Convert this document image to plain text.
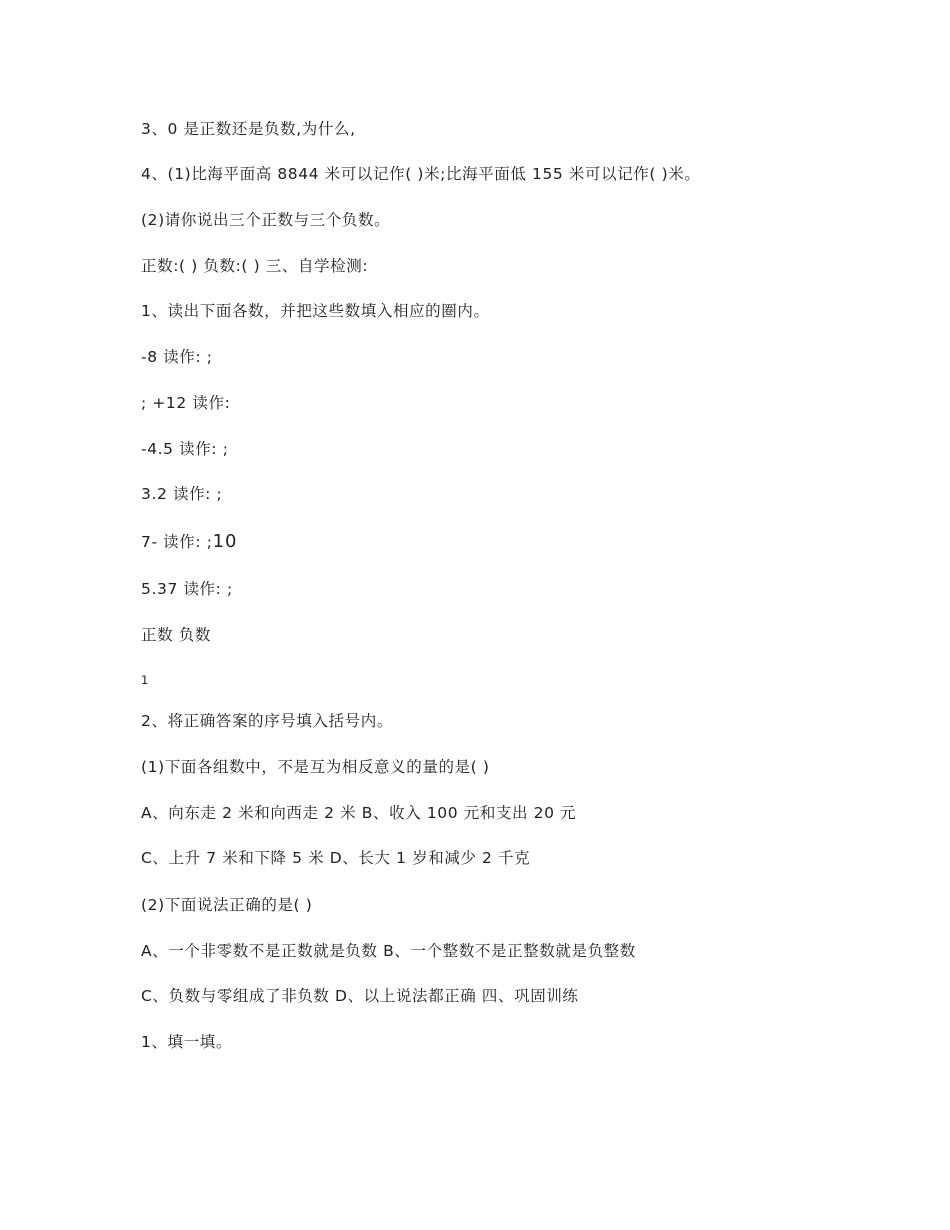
3、0 是正数还是负数,为什么,
4、(1)比海平面高 8844 米可以记作( )米;比海平面低 155 米可以记作( )米。
(2)请你说出三个正数与三个负数。
正数:( ) 负数:( ) 三、自学检测:
1、读出下面各数，并把这些数填入相应的圈内。
-8 读作: ;
; +12 读作:
-4.5 读作: ;
3.2 读作: ;
7- 读作: ;10
5.37 读作: ;
正数 负数
1
2、将正确答案的序号填入括号内。
(1)下面各组数中，不是互为相反意义的量的是( )
A、向东走 2 米和向西走 2 米 B、收入 100 元和支出 20 元
C、上升 7 米和下降 5 米 D、长大 1 岁和减少 2 千克
(2)下面说法正确的是( )
A、一个非零数不是正数就是负数 B、一个整数不是正整数就是负整数
C、负数与零组成了非负数 D、以上说法都正确 四、巩固训练
1、填一填。
